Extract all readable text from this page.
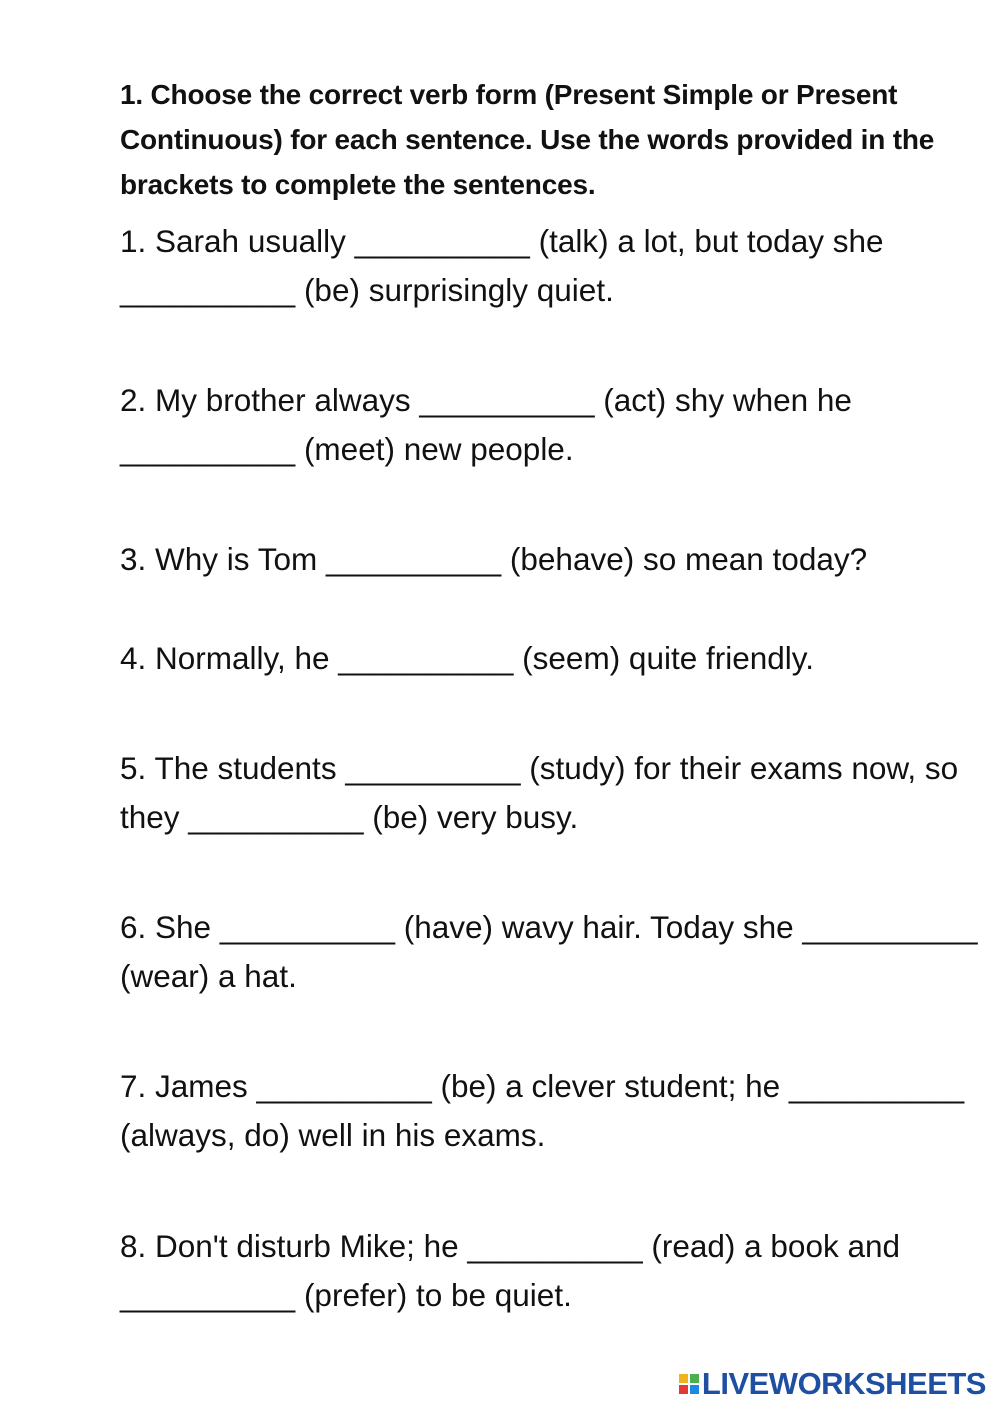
1. Choose the correct verb form (Present Simple or Present Continuous) for each sentence. Use the words provided in the brackets to complete the sentences.
1. Sarah usually __________ (talk) a lot, but today she __________ (be) surprisingly quiet.
2. My brother always __________ (act) shy when he __________ (meet) new people.
3. Why is Tom __________ (behave) so mean today?
4. Normally, he __________ (seem) quite friendly.
5. The students __________ (study) for their exams now, so they __________ (be) very busy.
6. She __________ (have) wavy hair. Today she __________ (wear) a hat.
7. James __________ (be) a clever student; he __________ (always, do) well in his exams.
8. Don't disturb Mike; he __________ (read) a book and __________ (prefer) to be quiet.
LIVEWORKSHEETS
